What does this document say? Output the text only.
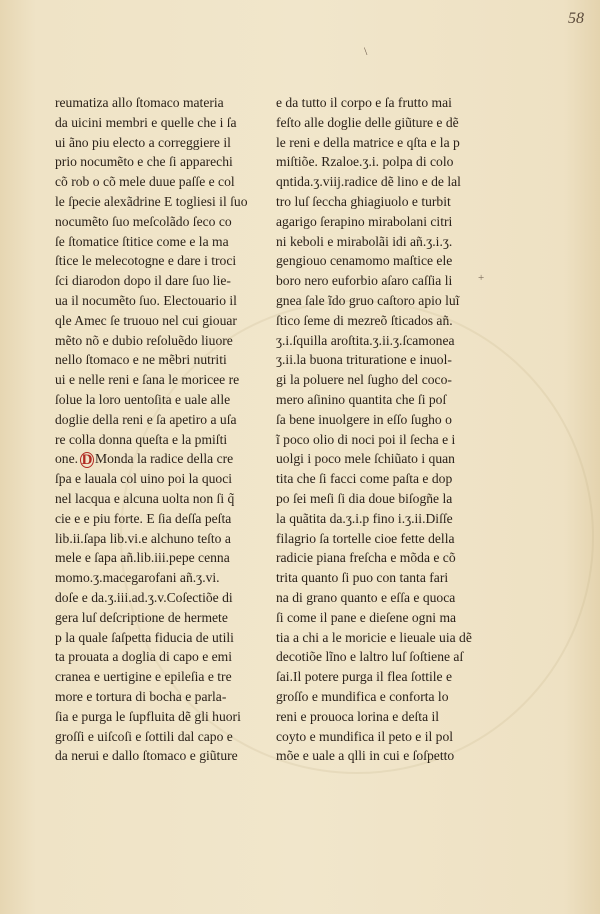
58
\
+
reumatiza allo ſtomaco materia
da uicini membri e quelle che i ſa
ui ãno piu electo a correggiere il
prio nocumẽto e che ſi apparechi
cõ rob o cõ mele duue paſſe e col
le ſpecie alexãdrine E togliesi il ſuo
nocumẽto ſuo meſcolãdo ſeco co
ſe ſtomatice ſtitice come e la ma
ſtice le melecotogne e dare i troci
ſci diarodon dopo il dare ſuo lie-
ua il nocumẽto ſuo. Electouario il
qle Amec ſe truouo nel cui giouar
mẽto nõ e dubio reſoluẽdo liuore
nello ſtomaco e ne mẽbri nutriti
ui e nelle reni e ſana le moricee re
ſolue la loro uentoſita e uale alle
doglie della reni e ſa apetiro a uſa
re colla donna queſta e la pmiſti
one. D Monda la radice della cre
ſpa e lauala col uino poi la quoci
nel lacqua e alcuna uolta non ſi q̃
cie e e piu forte. E ſia deſſa peſta
lib.ii.ſapa lib.vi.e alchuno teſto a
mele e ſapa añ.lib.iii.pepe cenna
momo.ʒ.macegarofani añ.ʒ.vi.
doſe e da.ʒ.iii.ad.ʒ.v.Coſectiõe di
gera luſ deſcriptione de hermete
p la quale ſaſpetta fiducia de utili
ta prouata a doglia di capo e emi
cranea e uertigine e epileſia e tre
more e tortura di bocha e parla-
ſia e purga le ſupfluita dẽ gli huori
groſſi e uiſcoſi e ſottili dal capo e
da nerui e dallo ſtomaco e giũture
e da tutto il corpo e ſa frutto mai
feſto alle doglie delle giũture e dẽ
le reni e della matrice e qſta e la p
miſtiõe. Rzaloe.ʒ.i. polpa di colo
qntida.ʒ.viij.radice dẽ lino e de lal
tro luſ ſeccha ghiagiuolo e turbit
agarigo ſerapino mirabolani citri
ni keboli e mirabolãi idi añ.ʒ.i.ʒ.
gengiouo cenamomo maſtice ele
boro nero euforbio aſaro caſſia li
gnea ſale ĩdo gruo caſtoro apio luĩ
ſtico ſeme di mezreõ ſticados añ.
ʒ.i.ſquilla aroſtita.ʒ.ii.ʒ.ſcamonea
ʒ.ii.la buona trituratione e inuol-
gi la poluere nel ſugho del coco-
mero aſinino quantita che ſi poſ
ſa bene inuolgere in eſſo ſugho o
ĩ poco olio di noci poi il ſecha e i
uolgi i poco mele ſchiũato i quan
tita che ſi facci come paſta e dop
po ſei meſi ſi dia doue biſogñe la
la quãtita da.ʒ.i.p fino i.ʒ.ii.Diſſe
filagrio ſa tortelle cioe fette della
radicie piana freſcha e mõda e cõ
trita quanto ſi puo con tanta fari
na di grano quanto e eſſa e quoca
ſi come il pane e dieſene ogni ma
tia a chi a le moricie e lieuale uia dẽ
decotiõe lĩno e laltro luſ ſoſtiene aſ
ſai.Il potere purga il flea ſottile e
groſſo e mundifica e conforta lo
reni e prouoca lorina e deſta il
coyto e mundifica il peto e il pol
mõe e uale a qlli in cui e ſoſpetto
